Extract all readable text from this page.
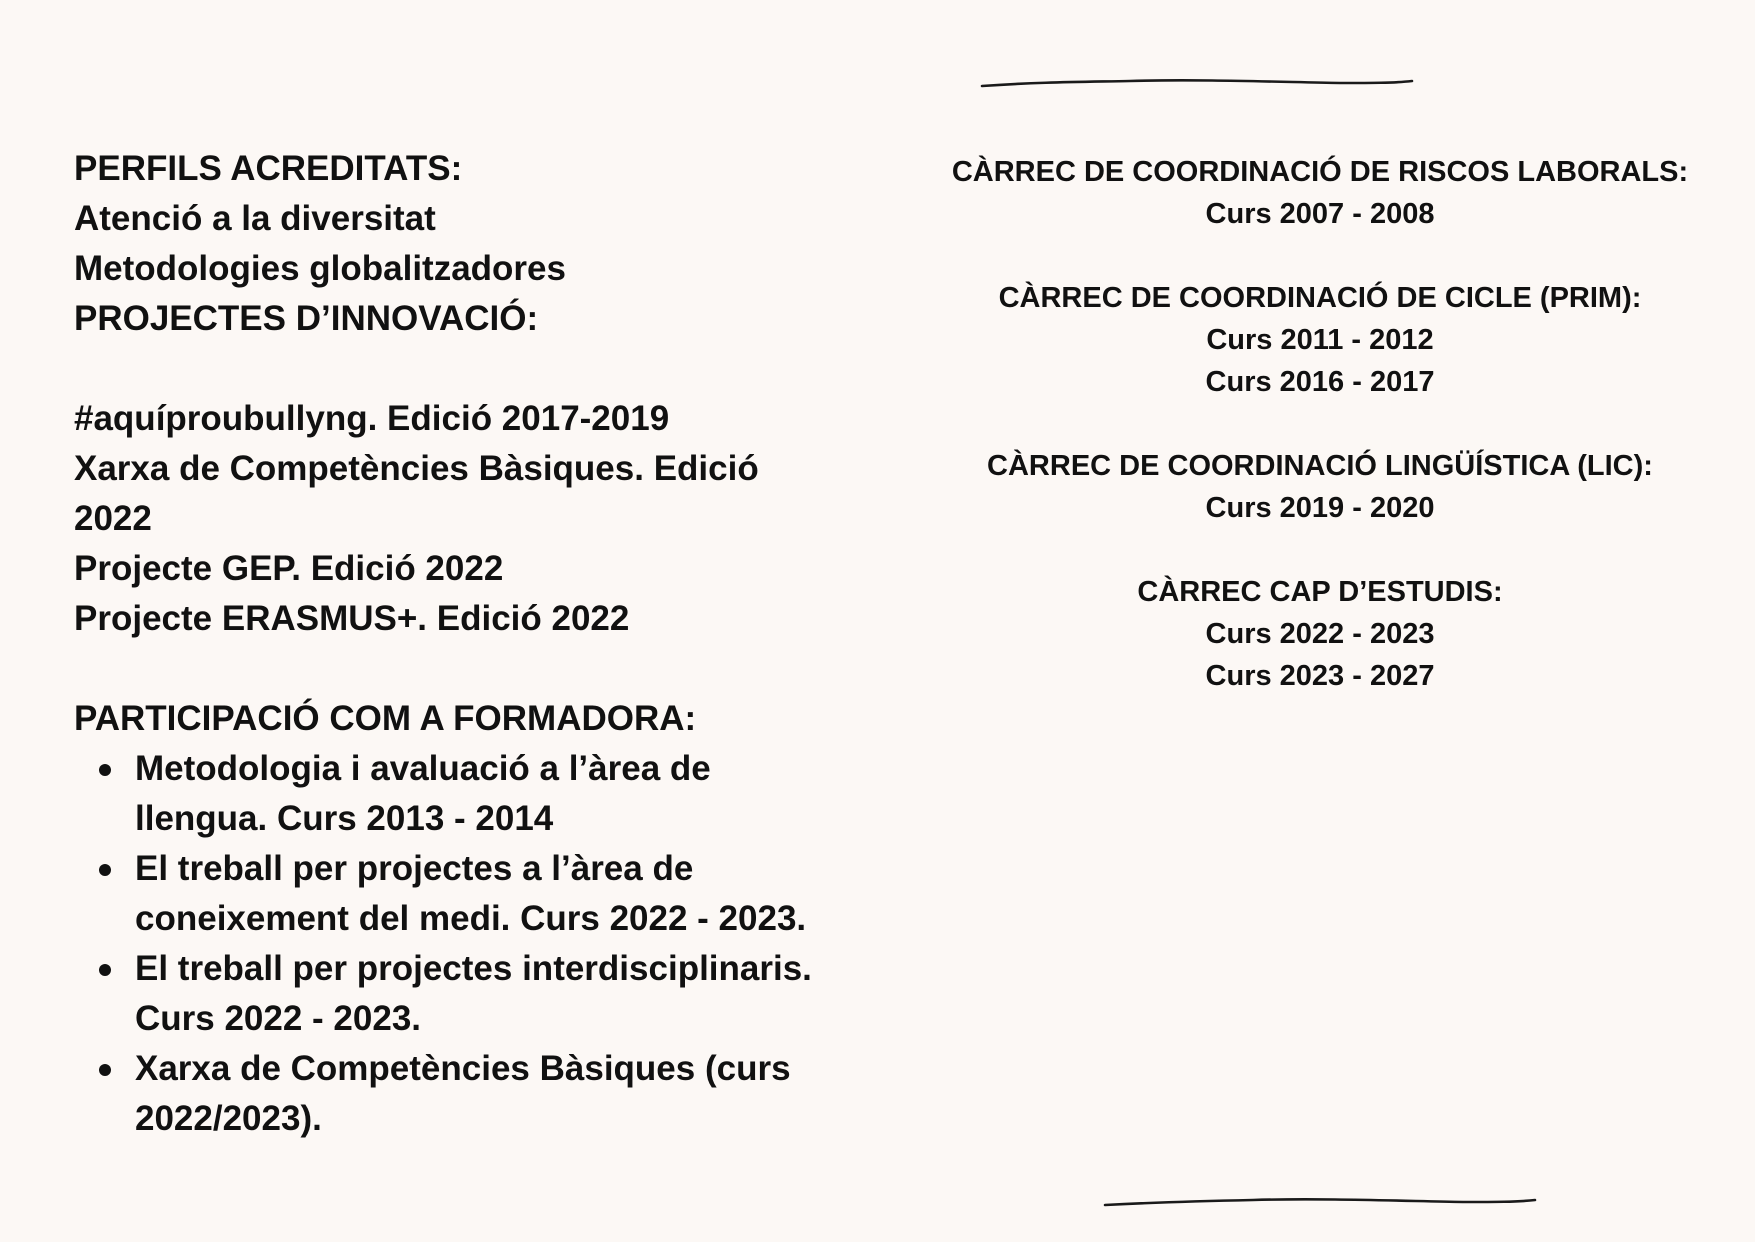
PERFILS ACREDITATS:
Atenció a la diversitat
Metodologies globalitzadores
PROJECTES D’INNOVACIÓ:
#aquíproubullyng. Edició 2017-2019
Xarxa de Competències Bàsiques. Edició
2022
Projecte GEP. Edició 2022
Projecte ERASMUS+. Edició 2022
PARTICIPACIÓ COM A FORMADORA:
Metodologia i avaluació a l’àrea de
llengua. Curs 2013 - 2014
El treball per projectes a l’àrea de
coneixement del medi. Curs 2022 - 2023.
El treball per projectes interdisciplinaris.
Curs 2022 - 2023.
Xarxa de Competències Bàsiques (curs
2022/2023).
CÀRREC DE COORDINACIÓ DE RISCOS LABORALS:
Curs 2007 - 2008
CÀRREC DE COORDINACIÓ DE CICLE (PRIM):
Curs 2011 - 2012
Curs 2016 - 2017
CÀRREC DE COORDINACIÓ LINGÜÍSTICA (LIC):
Curs 2019 - 2020
CÀRREC CAP D’ESTUDIS:
Curs 2022 - 2023
Curs 2023 - 2027
